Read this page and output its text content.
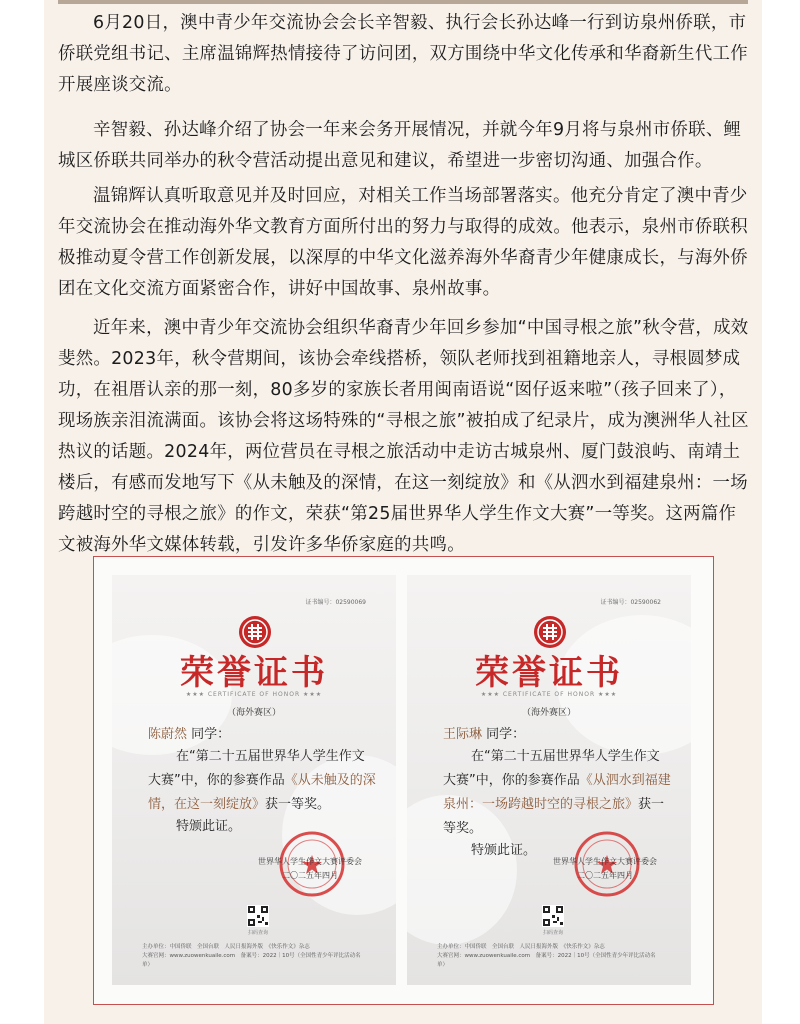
6月20日，澳中青少年交流协会会长辛智毅、执行会长孙达峰一行到访泉州侨联，市侨联党组书记、主席温锦辉热情接待了访问团，双方围绕中华文化传承和华裔新生代工作开展座谈交流。

辛智毅、孙达峰介绍了协会一年来会务开展情况，并就今年9月将与泉州市侨联、鲤城区侨联共同举办的秋令营活动提出意见和建议，希望进一步密切沟通、加强合作。

温锦辉认真听取意见并及时回应，对相关工作当场部署落实。他充分肯定了澳中青少年交流协会在推动海外华文教育方面所付出的努力与取得的成效。他表示，泉州市侨联积极推动夏令营工作创新发展，以深厚的中华文化滋养海外华裔青少年健康成长，与海外侨团在文化交流方面紧密合作，讲好中国故事、泉州故事。

近年来，澳中青少年交流协会组织华裔青少年回乡参加“中国寻根之旅”秋令营，成效斐然。2023年，秋令营期间，该协会牵线搭桥，领队老师找到祖籍地亲人，寻根圆梦成功，在祖厝认亲的那一刻，80多岁的家族长者用闽南语说“囡仔返来啦”（孩子回来了），现场族亲泪流满面。该协会将这场特殊的“寻根之旅”被拍成了纪录片，成为澳洲华人社区热议的话题。2024年，两位营员在寻根之旅活动中走访古城泉州、厦门鼓浪屿、南靖土楼后，有感而发地写下《从未触及的深情，在这一刻绽放》和《从泗水到福建泉州：一场跨越时空的寻根之旅》的作文，荣获“第25届世界华人学生作文大赛”一等奖。这两篇作文被海外华文媒体转载，引发许多华侨家庭的共鸣。

证书编号：02590069
荣誉证书
★★★ CERTIFICATE OF HONOR ★★★
（海外赛区）
陈蔚然 同学：
在“第二十五届世界华人学生作文大赛”中，你的参赛作品《从未触及的深情，在这一刻绽放》获一等奖。
特颁此证。
世界华人学生作文大赛评委会
二〇二五年四月
扫码查询
主办单位：中国侨联　全国台联　人民日报海外版　《快乐作文》杂志
大赛官网：www.zuowenkuaile.com　备案号：2022｜10号（全国性青少年评比活动名单）
证书编号：02590062
荣誉证书
★★★ CERTIFICATE OF HONOR ★★★
（海外赛区）
王际琳 同学：
在“第二十五届世界华人学生作文大赛”中，你的参赛作品《从泗水到福建泉州：一场跨越时空的寻根之旅》获一等奖。
特颁此证。
世界华人学生作文大赛评委会
二〇二五年四月
扫码查询
主办单位：中国侨联　全国台联　人民日报海外版　《快乐作文》杂志
大赛官网：www.zuowenkuaile.com　备案号：2022｜10号（全国性青少年评比活动名单）
